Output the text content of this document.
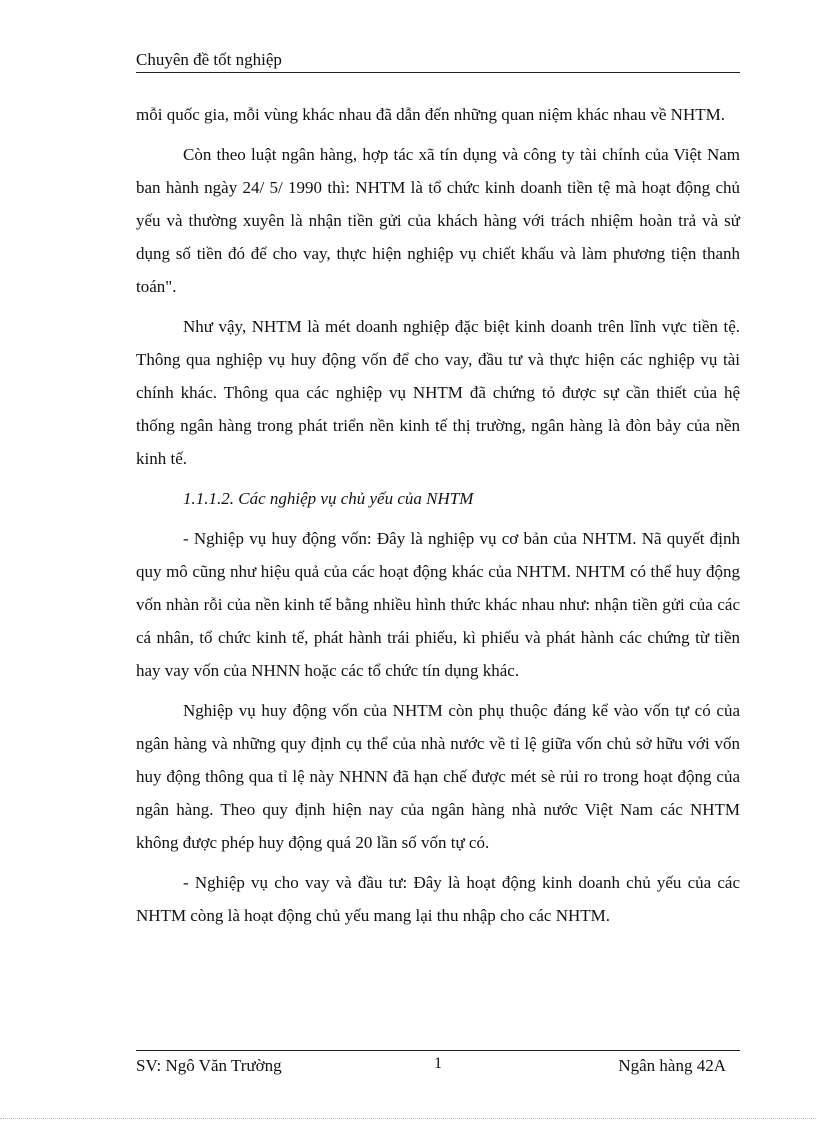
Chuyên đề tốt nghiệp

mỗi quốc gia, mỗi vùng khác nhau đã dẫn đến những quan niệm khác nhau về NHTM.

Còn theo luật ngân hàng, hợp tác xã tín dụng và công ty tài chính của Việt Nam ban hành ngày 24/ 5/ 1990 thì: NHTM là tổ chức kinh doanh tiền tệ mà hoạt động chủ yếu và thường xuyên là nhận tiền gửi của khách hàng với trách nhiệm hoàn trả và sử dụng số tiền đó để cho vay, thực hiện nghiệp vụ chiết khấu và làm phương tiện thanh toán".

Như vậy, NHTM là mét doanh nghiệp đặc biệt kinh doanh trên lĩnh vực tiền tệ. Thông qua nghiệp vụ huy động vốn để cho vay, đầu tư và thực hiện các nghiệp vụ tài chính khác. Thông qua các nghiệp vụ NHTM đã chứng tỏ được sự cần thiết của hệ thống ngân hàng trong phát triển nền kinh tế thị trường, ngân hàng là đòn bảy của nền kinh tế.

1.1.1.2. Các nghiệp vụ chủ yếu của NHTM

- Nghiệp vụ huy động vốn: Đây là nghiệp vụ cơ bản của NHTM. Nã quyết định quy mô cũng như hiệu quả của các hoạt động khác của NHTM. NHTM có thể huy động vốn nhàn rỗi của nền kinh tế bằng nhiều hình thức khác nhau như: nhận tiền gửi của các cá nhân, tổ chức kinh tế, phát hành trái phiếu, kì phiếu và phát hành các chứng từ tiền hay vay vốn của NHNN hoặc các tổ chức tín dụng khác.

Nghiệp vụ huy động vốn của NHTM còn phụ thuộc đáng kể vào vốn tự có của ngân hàng và những quy định cụ thể của nhà nước về tỉ lệ giữa vốn chủ sở hữu với vốn huy động thông qua tỉ lệ này NHNN đã hạn chế được mét sè rủi ro trong hoạt động của ngân hàng. Theo quy định hiện nay của ngân hàng nhà nước Việt Nam các NHTM không được phép huy động quá 20 lần số vốn tự có.

- Nghiệp vụ cho vay và đầu tư: Đây là hoạt động kinh doanh chủ yếu của các NHTM còng là hoạt động chủ yếu mang lại thu nhập cho các NHTM.

SV: Ngô Văn Trường	1	Ngân hàng 42A
